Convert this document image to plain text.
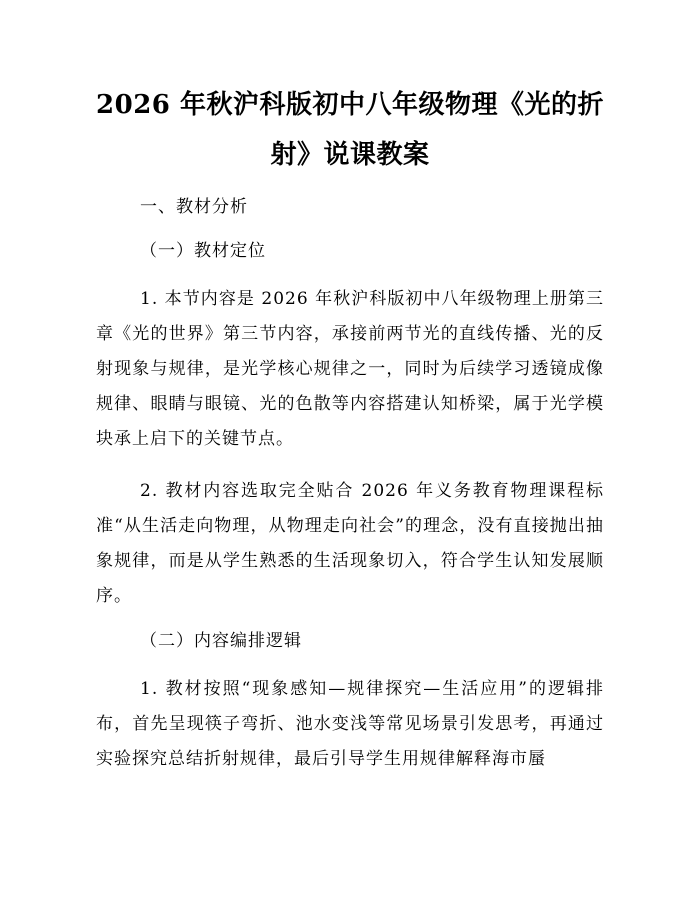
2026 年秋沪科版初中八年级物理《光的折射》说课教案

一、教材分析

（一）教材定位

1. 本节内容是 2026 年秋沪科版初中八年级物理上册第三章《光的世界》第三节内容，承接前两节光的直线传播、光的反射现象与规律，是光学核心规律之一，同时为后续学习透镜成像规律、眼睛与眼镜、光的色散等内容搭建认知桥梁，属于光学模块承上启下的关键节点。

2. 教材内容选取完全贴合 2026 年义务教育物理课程标准“从生活走向物理，从物理走向社会”的理念，没有直接抛出抽象规律，而是从学生熟悉的生活现象切入，符合学生认知发展顺序。

（二）内容编排逻辑

1. 教材按照“现象感知—规律探究—生活应用”的逻辑排布，首先呈现筷子弯折、池水变浅等常见场景引发思考，再通过实验探究总结折射规律，最后引导学生用规律解释海市蜃
